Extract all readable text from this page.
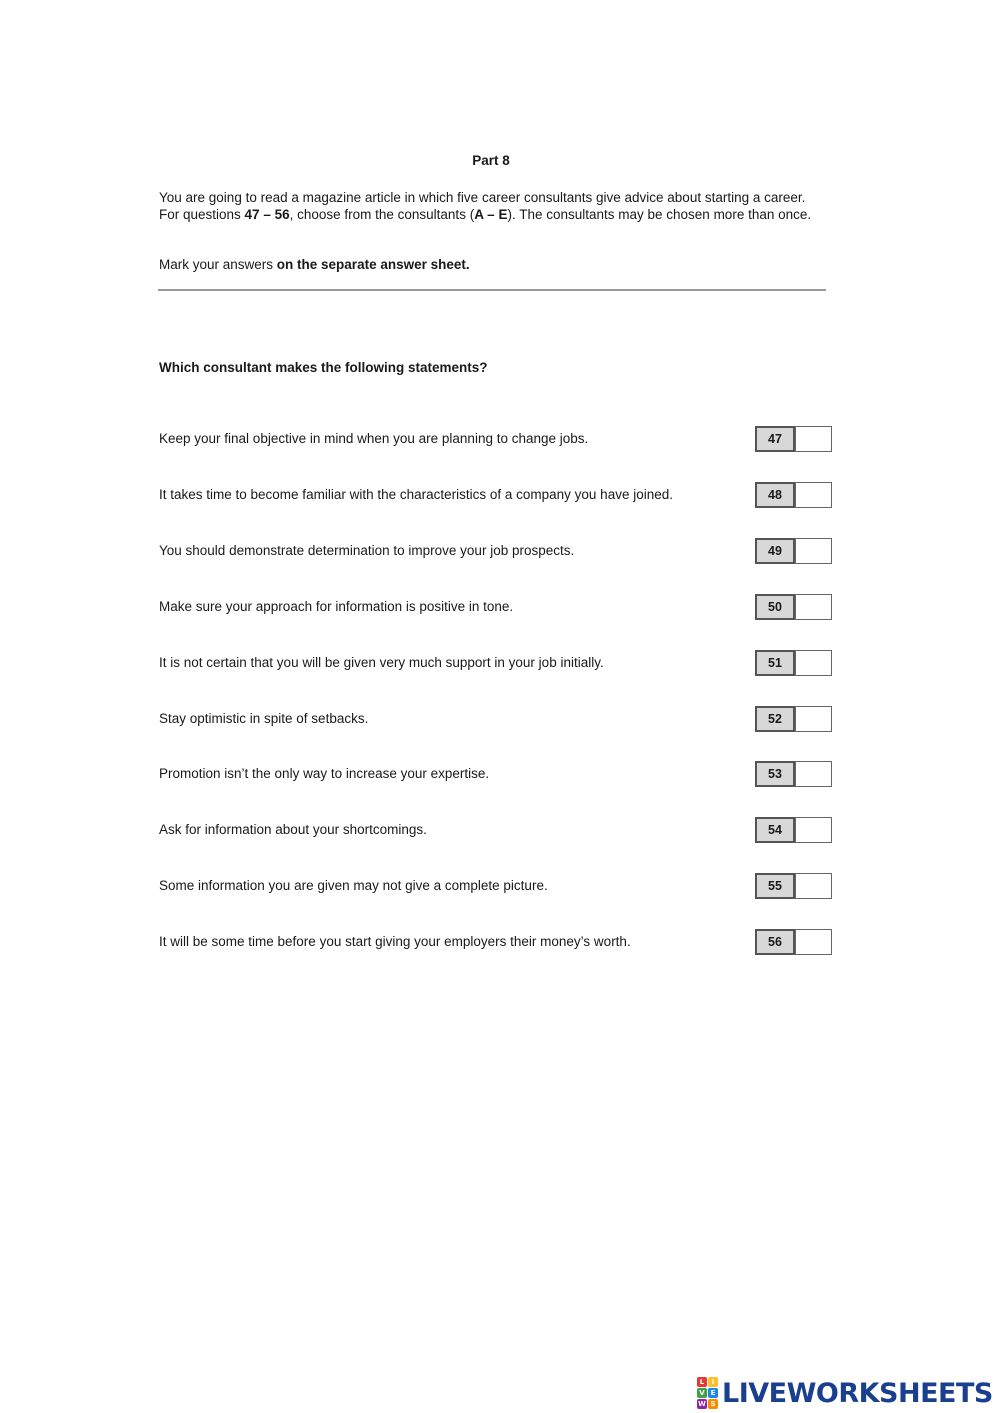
Part 8
You are going to read a magazine article in which five career consultants give advice about starting a career. For questions 47 – 56, choose from the consultants (A – E). The consultants may be chosen more than once.
Mark your answers on the separate answer sheet.
Which consultant makes the following statements?
Keep your final objective in mind when you are planning to change jobs.	47
It takes time to become familiar with the characteristics of a company you have joined.	48
You should demonstrate determination to improve your job prospects.	49
Make sure your approach for information is positive in tone.	50
It is not certain that you will be given very much support in your job initially.	51
Stay optimistic in spite of setbacks.	52
Promotion isn’t the only way to increase your expertise.	53
Ask for information about your shortcomings.	54
Some information you are given may not give a complete picture.	55
It will be some time before you start giving your employers their money’s worth.	56
L	I
V E
W S LIVEWORKSHEETS
